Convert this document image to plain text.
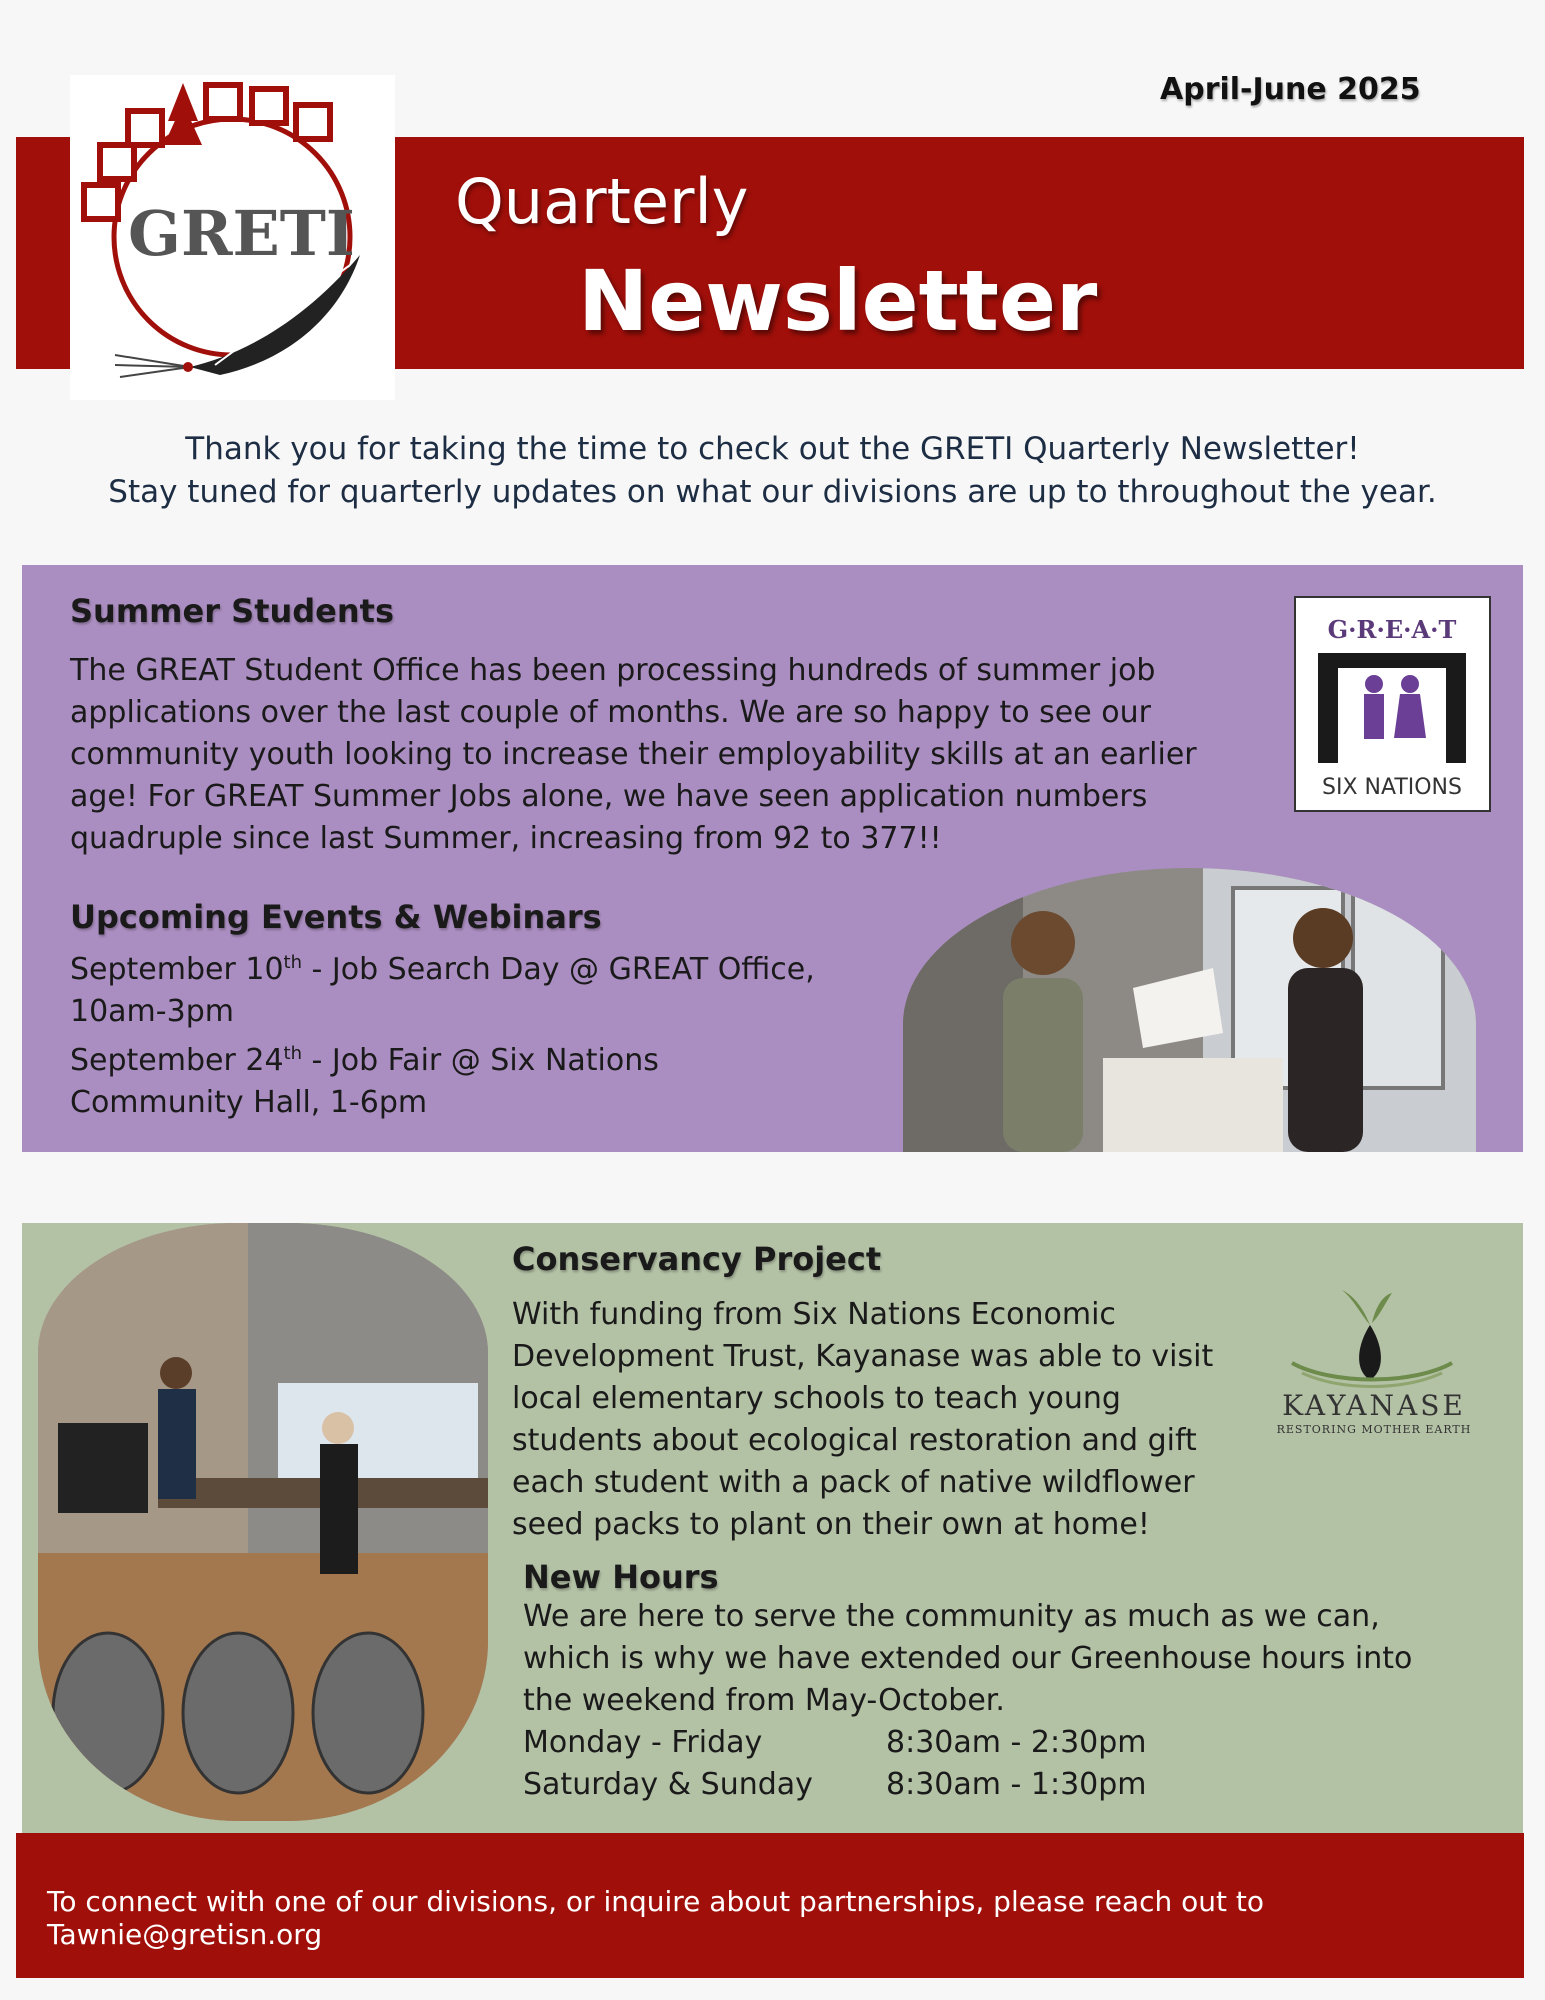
April-June 2025
GRETI Quarterly
Newsletter
Thank you for taking the time to check out the GRETI Quarterly Newsletter!
Stay tuned for quarterly updates on what our divisions are up to throughout the year.
Summer Students
The GREAT Student Office has been processing hundreds of summer job applications over the last couple of months. We are so happy to see our community youth looking to increase their employability skills at an earlier age! For GREAT Summer Jobs alone, we have seen application numbers quadruple since last Summer, increasing from 92 to 377!!
G·R·E·A·T
SIX NATIONS
Upcoming Events & Webinars
September 10th - Job Search Day @ GREAT Office,
10am-3pm
September 24th - Job Fair @ Six Nations
Community Hall, 1-6pm
Conservancy Project
With funding from Six Nations Economic Development Trust, Kayanase was able to visit local elementary schools to teach young students about ecological restoration and gift each student with a pack of native wildflower seed packs to plant on their own at home!
KAYANASE
RESTORING MOTHER EARTH
New Hours
We are here to serve the community as much as we can, which is why we have extended our Greenhouse hours into the weekend from May-October.
Monday - Friday	8:30am - 2:30pm
Saturday & Sunday	8:30am - 1:30pm
To connect with one of our divisions, or inquire about partnerships, please reach out to Tawnie@gretisn.org
